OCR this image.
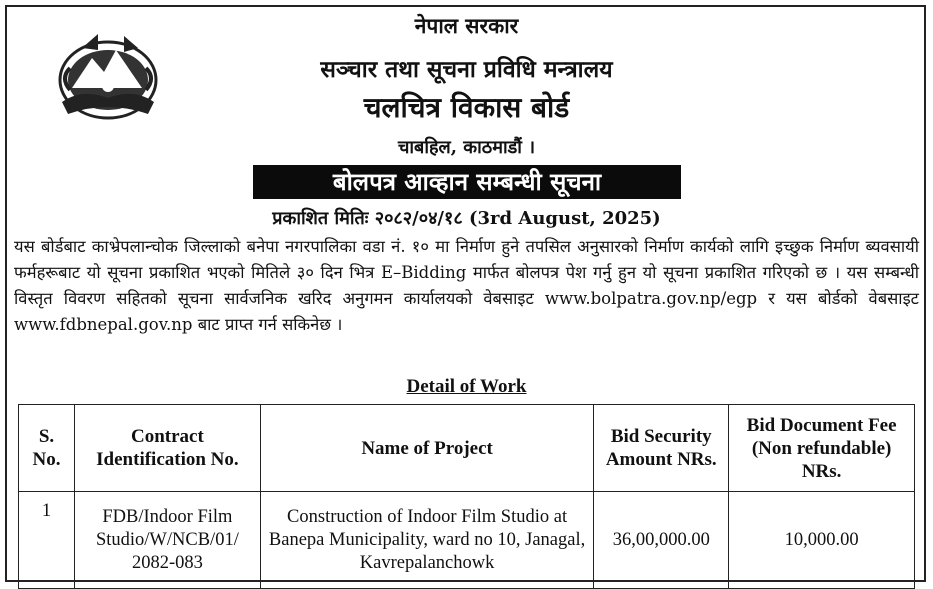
नेपाल सरकार
सञ्चार तथा सूचना प्रविधि मन्त्रालय
चलचित्र विकास बोर्ड
चाबहिल, काठमाडौं ।
बोलपत्र आव्हान सम्बन्धी सूचना
प्रकाशित मितिः २०८२/०४/१८ (3rd August, 2025)
यस बोर्डबाट काभ्रेपलान्चोक जिल्लाको बनेपा नगरपालिका वडा नं. १० मा निर्माण हुने तपसिल अनुसारको निर्माण कार्यको लागि इच्छुक निर्माण ब्यवसायी फर्महरूबाट यो सूचना प्रकाशित भएको मितिले ३० दिन भित्र E–Bidding मार्फत बोलपत्र पेश गर्नु हुन यो सूचना प्रकाशित गरिएको छ । यस सम्बन्धी विस्तृत विवरण सहितको सूचना सार्वजनिक खरिद अनुगमन कार्यालयको वेबसाइट www.bolpatra.gov.np/egp र यस बोर्डको वेबसाइट www.fdbnepal.gov.np बाट प्राप्त गर्न सकिनेछ ।
Detail of Work
S. No.	Contract Identification No.	Name of Project	Bid Security Amount NRs.	Bid Document Fee (Non refundable) NRs.
1	FDB/Indoor Film Studio/W/NCB/01/ 2082-083	Construction of Indoor Film Studio at Banepa Municipality, ward no 10, Janagal, Kavrepalanchowk	36,00,000.00	10,000.00
